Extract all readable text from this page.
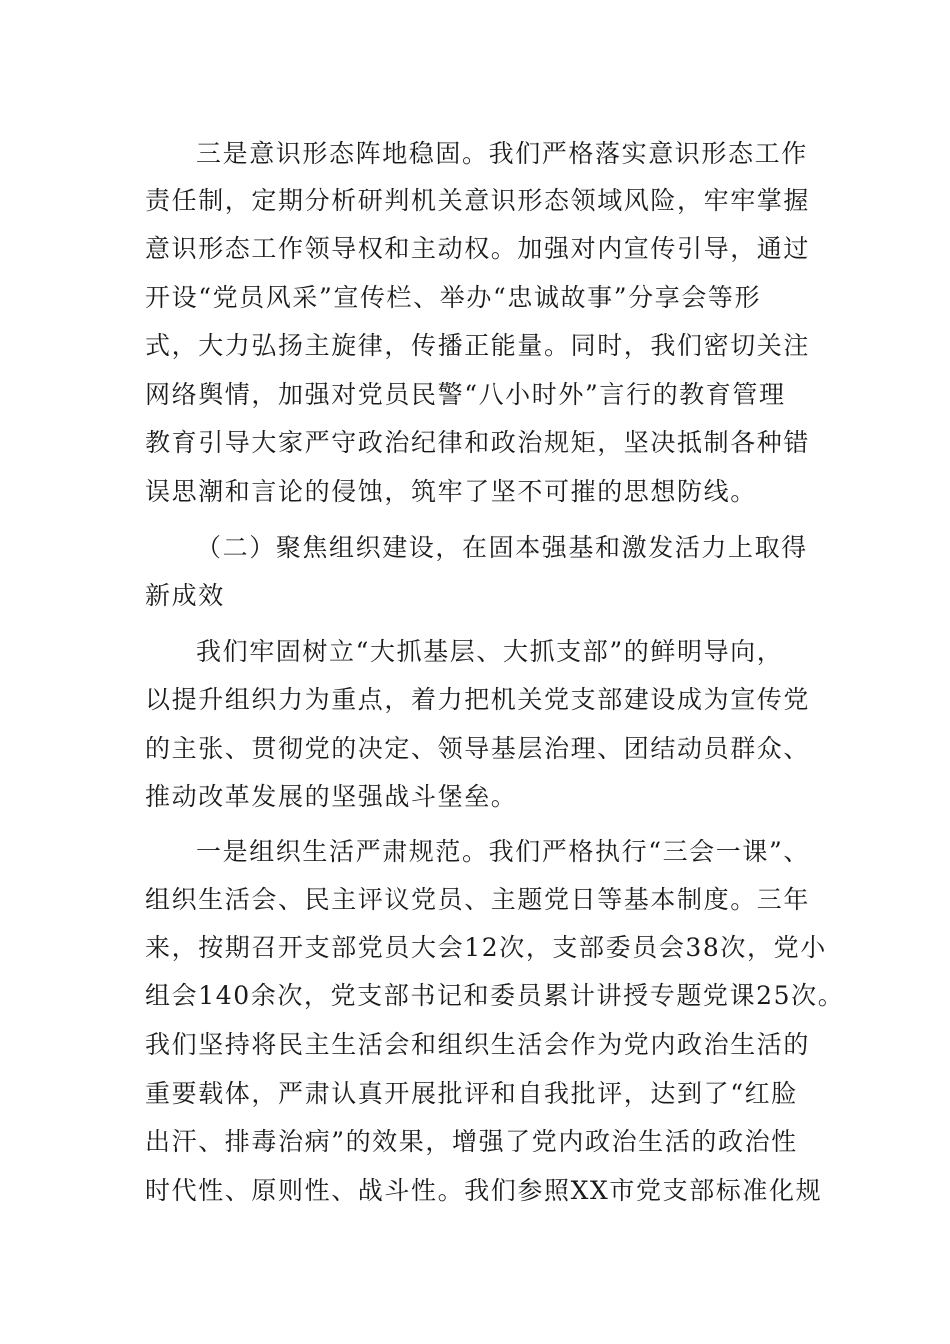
三是意识形态阵地稳固。我们严格落实意识形态工作
责任制，定期分析研判机关意识形态领域风险，牢牢掌握
意识形态工作领导权和主动权。加强对内宣传引导，通过
开设“党员风采”宣传栏、举办“忠诚故事”分享会等形
式，大力弘扬主旋律，传播正能量。同时，我们密切关注
网络舆情，加强对党员民警“八小时外”言行的教育管理
教育引导大家严守政治纪律和政治规矩，坚决抵制各种错
误思潮和言论的侵蚀，筑牢了坚不可摧的思想防线。
（二）聚焦组织建设，在固本强基和激发活力上取得
新成效
我们牢固树立“大抓基层、大抓支部”的鲜明导向，
以提升组织力为重点，着力把机关党支部建设成为宣传党
的主张、贯彻党的决定、领导基层治理、团结动员群众、
推动改革发展的坚强战斗堡垒。
一是组织生活严肃规范。我们严格执行“三会一课”、
组织生活会、民主评议党员、主题党日等基本制度。三年
来，按期召开支部党员大会12次，支部委员会38次，党小
组会140余次，党支部书记和委员累计讲授专题党课25次。
我们坚持将民主生活会和组织生活会作为党内政治生活的
重要载体，严肃认真开展批评和自我批评，达到了“红脸
出汗、排毒治病”的效果，增强了党内政治生活的政治性
时代性、原则性、战斗性。我们参照XX市党支部标准化规
